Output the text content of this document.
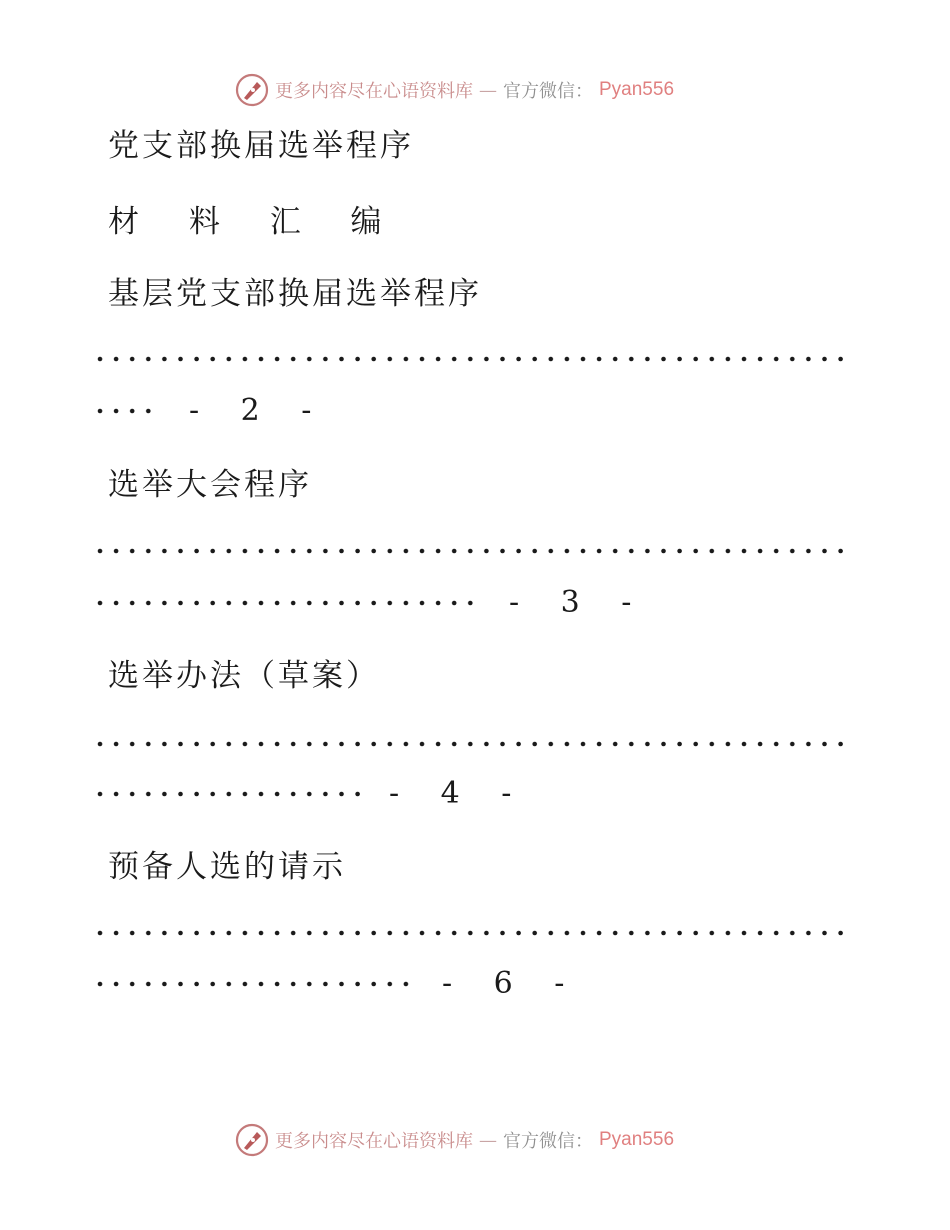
更多内容尽在心语资料库 — 官方微信： Pyan556
党支部换届选举程序
材 料 汇 编
基层党支部换届选举程序
- 2 -
选举大会程序
- 3 -
选举办法（草案）
- 4 -
预备人选的请示
- 6 -
更多内容尽在心语资料库 — 官方微信： Pyan556
